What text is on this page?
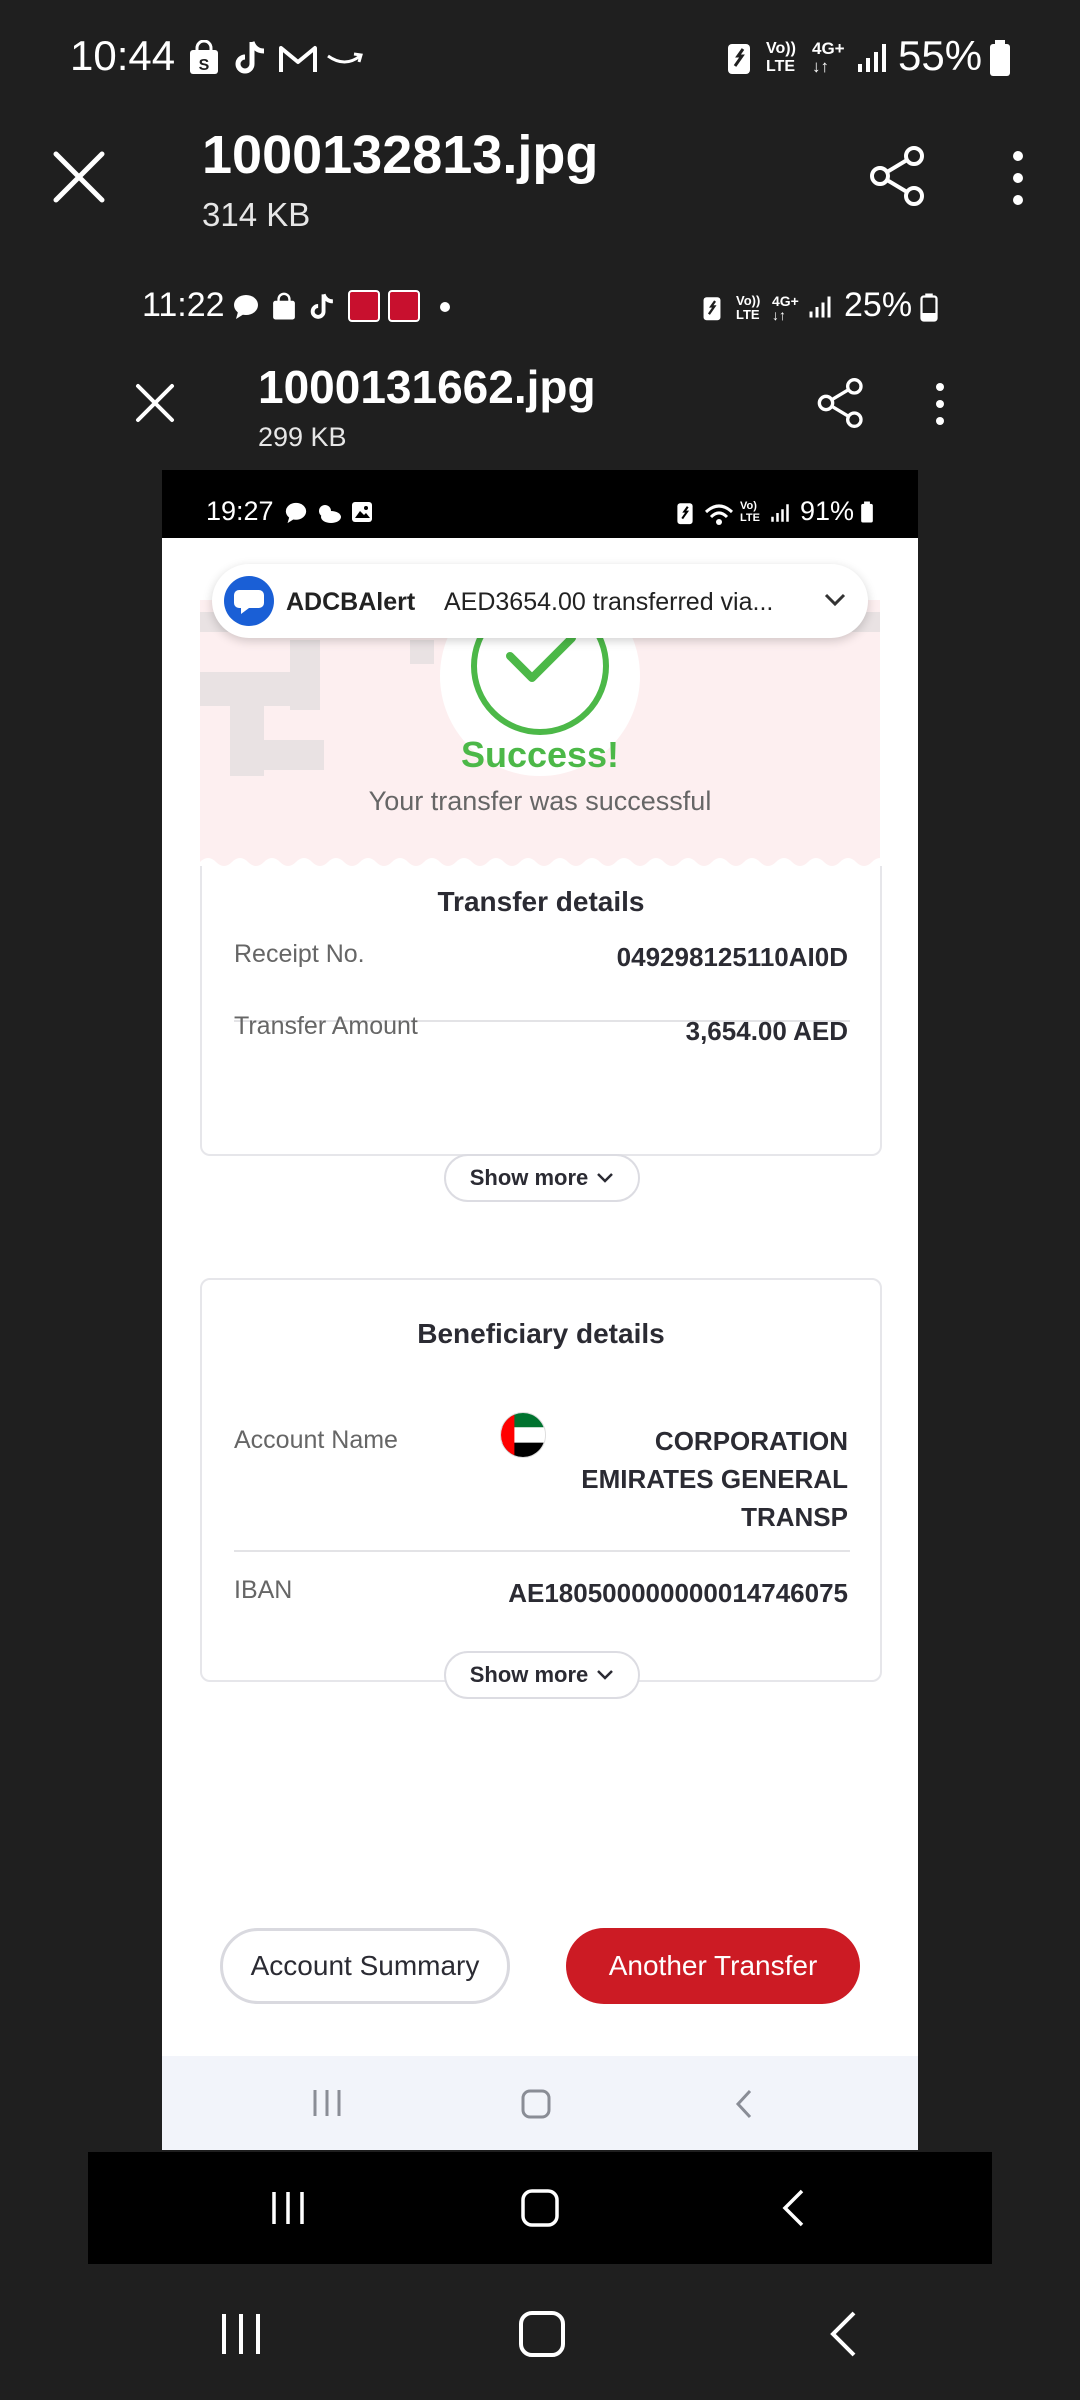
10:44 S
Vo))
LTE
4G+
↓↑	55%
1000132813.jpg
314 KB
11:22	Vo))
LTE
4G+
↓↑	25%
1000131662.jpg
299 KB
19:27	Vo)
LTE 91%
Success!
Your transfer was successful
Transfer details
Receipt No.	049298125110AI0D
Transfer Amount	3,654.00 AED
Show more
Beneficiary details
Account Name	CORPORATION
EMIRATES GENERAL
TRANSP
IBAN	AE180500000000014746075
Show more
Account Summary	Another Transfer
ADCBAlert AED3654.00 transferred via...
